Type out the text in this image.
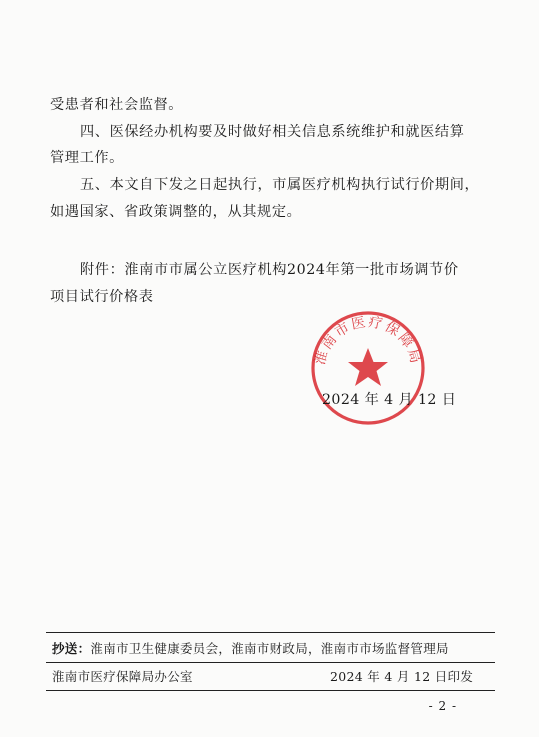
受患者和社会监督。
四、医保经办机构要及时做好相关信息系统维护和就医结算
管理工作。
五、本文自下发之日起执行，市属医疗机构执行试行价期间，
如遇国家、省政策调整的，从其规定。
附件：淮南市市属公立医疗机构2024年第一批市场调节价
项目试行价格表
淮南市医疗保障局
2024 年 4 月 12 日
抄送：淮南市卫生健康委员会，淮南市财政局，淮南市市场监督管理局
淮南市医疗保障局办公室	2024 年 4 月 12 日印发
- 2 -
